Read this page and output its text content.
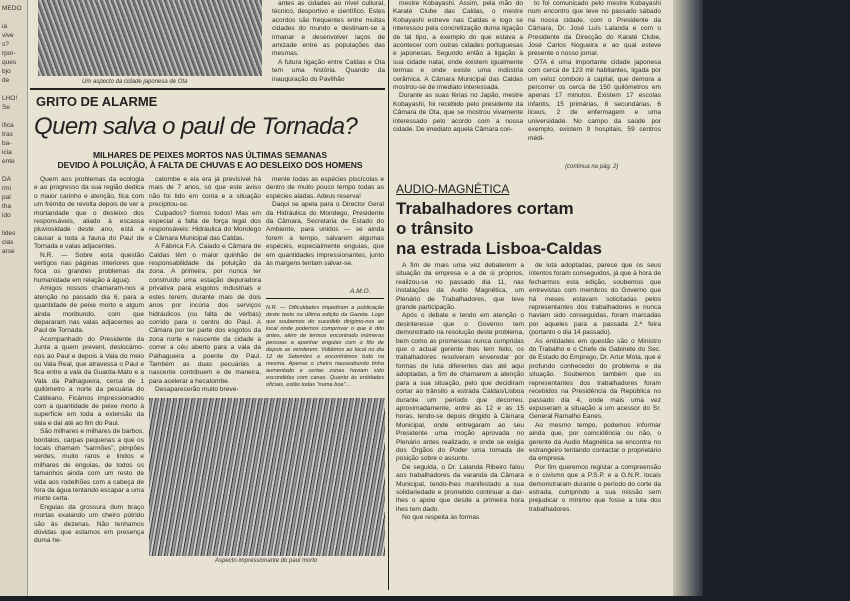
MEDO

ia

vive

s?

rpor-

ques

bjo

de

LHO!

Se

ifica

tras

ba-

icia

ente

DA

rmi

pal

tha

ido

lides

clas

arse

Um aspecto da cidade japonesa de Ota

antes as cidades ao nível cultural, técnico, desportivo e científico. Estes acordos são frequentes entre muitas cidades do mundo e destinam-se a irmanar e desenvolver laços de amizade entre as populações das mesmas.

A futura ligação entre Caldas e Ota tem uma história. Quando da inauguração do Pavilhão

mestre Kobayashi. Assim, pela mão do Karaté Clube das Caldas, o mestre Kobayashi estreve nas Caldas e logo se interessou pela concretização duma ligação de tal tipo, a exemplo do que estava a acontecer com outras cidades portuguesas e japonesas. Segundo então a ligação à sua cidade natal, onde existem igualmente termas e onde existe uma indústria cerâmica. A Câmara Municipal das Caldas mostrou-se de imediato interessada.

Durante as suas férias no Japão, mestre Kobayashi, foi recebido pelo presidente da Câmara de Ota, que se mostrou vivamente interessado pelo acordo com a nossa cidade. De imediato aquela Câmara con-

to foi comunicado pelo mestre Kobayashi num encontro que teve no passado sábado na nossa cidade, com o Presidente da Câmara, Dr. José Luís Lalanda e com o Presidente da Direcção do Karaté Clube, José Carlos Nogueira e ao qual esteve presente o nosso jornal.

OTA é uma importante cidade japonesa com cerca de 123 mil habitantes, ligada por um veloz comboio à capital, que demora a percorrer os cerca de 150 quilómetros em apenas 17 minutos. Existem 17 escolas infantis, 15 primárias, 8 secundárias, 6 liceus, 2 de enfermagem e uma universidade. No campo da saúde por exemplo, existem 9 hospitais, 59 centros médi-

(continua na pág. 2)
GRITO DE ALARME
Quem salva o paul de Tornada?
MILHARES DE PEIXES MORTOS NAS ÚLTIMAS SEMANAS
DEVIDO À POLUIÇÃO, À FALTA DE CHUVAS E AO DESLEIXO DOS HOMENS

Quem aos problemas da ecologia e ao progresso da sua região dedica o maior carinho e atenção, fica com um frémito de revolta depois de ver a mortandade que o desleixo dos responsáveis, aliado à escassa pluviosidade deste ano, está a causar a toda a fauna do Paul de Tornada e valas adjacentes.

N.R. — Sobre esta questão vertigos nas páginas interiores que foca os grandes problemas da humanidade em relação à água).

Amigos nossos chamaram-nos a atenção no passado dia 6, para a quantidade de peixe morto e algum ainda moribundo, com que depararam nas valas adjacentes ao Paul de Tornada.

Acompanhado do Presidente da Junta a quem prevenl, deslocámo-nos ao Paul e depois à Vala do meio ou Vala Real, que atravessa o Paul e fica entre a vala da Guarda-Mato e a Vala da Palhagueira, cerca de 1 quilómetro a norte da pecuária do Caldeano. Ficámos impressionados com a quantidade de peixe morto à superfície em toda a extensão da vala e daí até ao fim do Paul.

São milhares e milhares de barbos, bordalos, carpas pequenas a que os locais chamam "sarmões", pimpões verdes, muito raros e lindos e milhares de enguias, de todos os tamanhos ainda com um resto de vida aos rodelhões com a cabeça de fora da água tentando escapar a uma morte certa.

Enguias da grossura dum braço mortas exalando um cheiro pútrido são às dezenas. Não tenhamos dúvidas que estamos em presença duma he-

catombe e ela era já previsível há mais de 7 anos, só que este aviso não foi tido em conta e a situação precipitou-se.

Culpados? Somos todos! Mas em especial a falta de força legal dos responsáveis: Hidráulica do Mondego e Câmara Municipal das Caldas.

A Fábrica F.A. Caiado e Câmara de Caldas têm o maior quinhão de responsabilidade da poluição da zona. A primeira, por nunca ter construído uma estação depuradora privativa para esgotos industriais e estes terem, durante mais de dois anos por incúria dos serviços hidráulicos (ou falta de verbas) corrido para o centro do Paul. A Câmara por ter parte dos esgotos da zona norte e nascente da cidade a correr a céu aberto para a vala da Palhagueira a poente do Paul. Também as duas pecuárias a nascente contribuem e de maneira, para acelerar a hecatombe.

Desaparecerão muito breve-

mente todas as espécies piscícolas e dentro de muito pouco tempo todas as espécies aladas. Adeus reserva!

Daqui se apela para o Director Geral da Hidráulica do Mondego, Presidente da Câmara, Secretaria de Estado do Ambiente, para unidos — se ainda forem a tempo, salvarem algumas espécies, especialmente enguias, que em quantidades impressionantes, junto às margens tentam salvar-se.

A.M.O.
N.R. — Dificuldades impediram a publicação deste texto na última edição da Gazeta. Logo que soubemos do sucedido dirigimo-nos ao local onde podemos comprovar o que é dito antes, além de termos encontrado inúmeras pessoas a apanhar enguias com o fito de depois as venderem. Voltámos ao local no dia 12 de Setembro e encontrámos tudo na mesma. Apenas o cheiro nauseabundo tinha aumentado e certas zonas haviam sido escondidas com canas. Quanto às entidades oficiais, estão todas "numa boa"...
Aspecto impressionante do paul morto
AUDIO-MAGNÉTICA
Trabalhadores cortam
o trânsito
na estrada Lisboa-Caldas

A fim de mais uma vez debaterem a situação da empresa e a de si próprios, realizou-se no passado dia 11, nas instalações da Audio Magnética, um Plenário de Trabalhadores, que teve grande participação.

Após o debate e tendo em atenção o desinteresse que o Governo tem demonstrado na resolução deste problema, bem como as promessas nunca cumpridas que o actual gerente lhes tem feito, os trabalhadores resolveram enveredar por formas de luta diferentes das até aqui adoptadas, a fim de chamarem a atenção para a sua situação, pelo que decidiram cortar ao trânsito a estrada Caldas/Lisboa durante um período que decorreu, aproximadamente, entre as 12 e as 15 horas, tendo-se depois dirigido à Câmara Municipal, onde entregaram ao seu Presidente uma moção aprovada no Plenário antes realizado, e onde se exigia dos Órgãos do Poder uma tomada de posição sobre o assunto.

De seguida, o Dr. Lalanda Ribeiro falou aos trabalhadores da varanda da Câmara Municipal, tendo-lhes manifestado a sua solidariedade e prometido continuar a dar-lhes o apoio que desde a primeira hora lhes tem dado.

No que respeita às formas

de luta adoptadas, parece que os seus intentos foram conseguidos, já que à hora de fecharmos esta edição, soubemos que entrevistas com membros do Governo que há meses estavam solicitadas pelos representantes dos trabalhadores e nunca haviam sido conseguidas, foram marcadas por aqueles para a passada 2.ª feira (portanto o dia 14 passado).

As entidades em questão são o Ministro do Trabalho e o Chefe de Gabinete do Sec. de Estado do Emprego, Dr. Artur Mota, que é profundo conhecedor do problema e da situação. Soubemos também que os representantes dos trabalhadores foram recebidos na Presidência da República no passado dia 4, onde mais uma vez expuseram a situação a um acessor do Sr. General Ramalho Eanes.

Ao mesmo tempo, podemos informar ainda que, por coincidência ou não, o gerente da Audio Magnética se encontra no estrangeiro tentando contactar o proprietário da empresa.

Por fim queremos registar a compreensão e o civismo que a P.S.P. e a G.N.R. locais demonstraram durante o período do corte da estrada, cumprindo a sua missão sem prejudicar o mínimo que fosse a luta dos trabalhadores.
